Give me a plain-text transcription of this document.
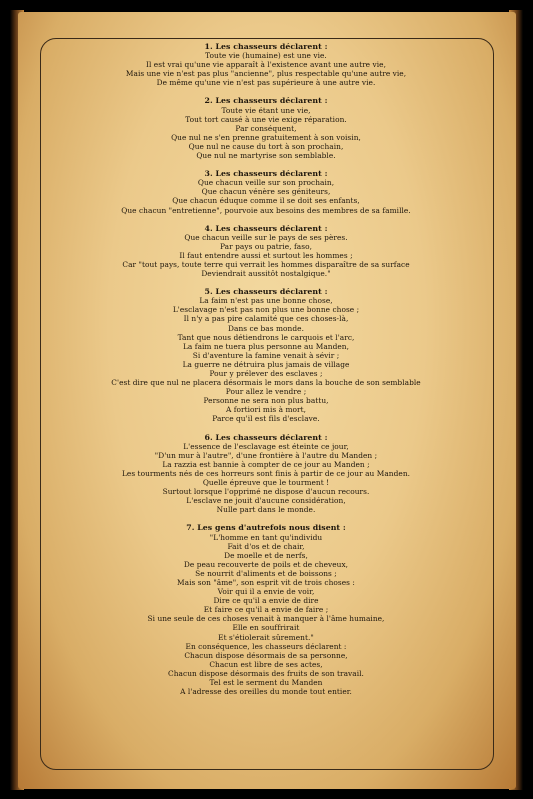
1. Les chasseurs déclarent :
Toute vie (humaine) est une vie.
Il est vrai qu'une vie apparaît à l'existence avant une autre vie,
Mais une vie n'est pas plus "ancienne", plus respectable qu'une autre vie,
De même qu'une vie n'est pas supérieure à une autre vie.
2. Les chasseurs déclarent :
Toute vie étant une vie,
Tout tort causé à une vie exige réparation.
Par conséquent,
Que nul ne s'en prenne gratuitement à son voisin,
Que nul ne cause du tort à son prochain,
Que nul ne martyrise son semblable.
3. Les chasseurs déclarent :
Que chacun veille sur son prochain,
Que chacun vénère ses géniteurs,
Que chacun éduque comme il se doit ses enfants,
Que chacun "entretienne", pourvoie aux besoins des membres de sa famille.
4. Les chasseurs déclarent :
Que chacun veille sur le pays de ses pères.
Par pays ou patrie, faso,
Il faut entendre aussi et surtout les hommes ;
Car "tout pays, toute terre qui verrait les hommes disparaître de sa surface
Deviendrait aussitôt nostalgique."
5. Les chasseurs déclarent :
La faim n'est pas une bonne chose,
L'esclavage n'est pas non plus une bonne chose ;
Il n'y a pas pire calamité que ces choses-là,
Dans ce bas monde.
Tant que nous détiendrons le carquois et l'arc,
La faim ne tuera plus personne au Manden,
Si d'aventure la famine venait à sévir ;
La guerre ne détruira plus jamais de village
Pour y prélever des esclaves ;
C'est dire que nul ne placera désormais le mors dans la bouche de son semblable
Pour allez le vendre ;
Personne ne sera non plus battu,
A fortiori mis à mort,
Parce qu'il est fils d'esclave.
6. Les chasseurs déclarent :
L'essence de l'esclavage est éteinte ce jour,
"D'un mur à l'autre", d'une frontière à l'autre du Manden ;
La razzia est bannie à compter de ce jour au Manden ;
Les tourments nés de ces horreurs sont finis à partir de ce jour au Manden.
Quelle épreuve que le tourment !
Surtout lorsque l'opprimé ne dispose d'aucun recours.
L'esclave ne jouit d'aucune considération,
Nulle part dans le monde.
7. Les gens d'autrefois nous disent :
"L'homme en tant qu'individu
Fait d'os et de chair,
De moelle et de nerfs,
De peau recouverte de poils et de cheveux,
Se nourrit d'aliments et de boissons ;
Mais son "âme", son esprit vit de trois choses :
Voir qui il a envie de voir,
Dire ce qu'il a envie de dire
Et faire ce qu'il a envie de faire ;
Si une seule de ces choses venait à manquer à l'âme humaine,
Elle en souffrirait
Et s'étiolerait sûrement."
En conséquence, les chasseurs déclarent :
Chacun dispose désormais de sa personne,
Chacun est libre de ses actes,
Chacun dispose désormais des fruits de son travail.
Tel est le serment du Manden
A l'adresse des oreilles du monde tout entier.
